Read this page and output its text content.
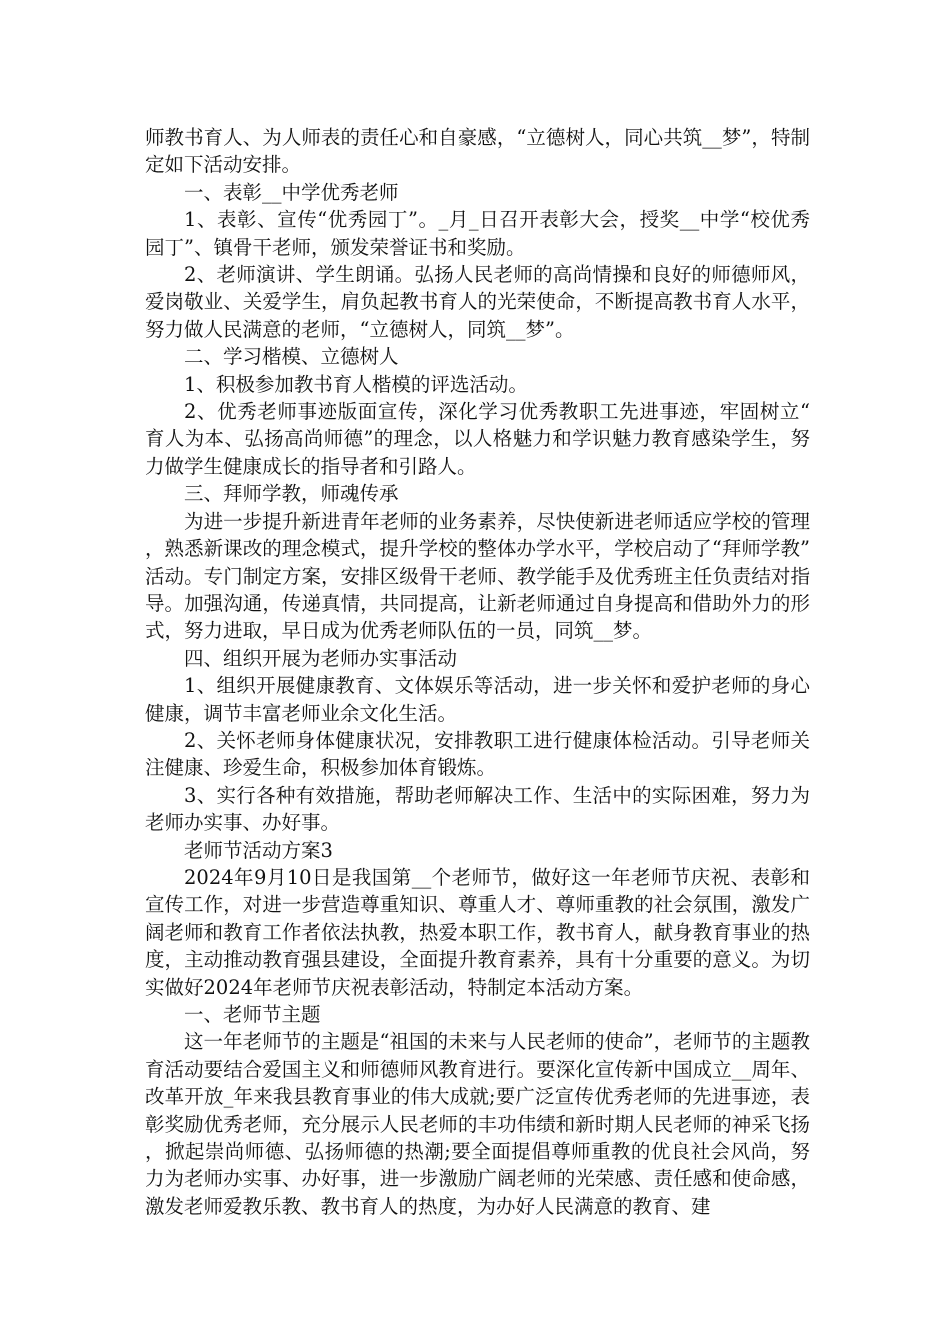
师教书育人、为人师表的责任心和自豪感，“立德树人，同心共筑__梦”，特制定如下活动安排。

一、表彰__中学优秀老师

1、表彰、宣传“优秀园丁”。_月_日召开表彰大会，授奖__中学“校优秀园丁”、镇骨干老师，颁发荣誉证书和奖励。

2、老师演讲、学生朗诵。弘扬人民老师的高尚情操和良好的师德师风，爱岗敬业、关爱学生，肩负起教书育人的光荣使命，不断提高教书育人水平，努力做人民满意的老师，“立德树人，同筑__梦”。

二、学习楷模、立德树人

1、积极参加教书育人楷模的评选活动。

2、优秀老师事迹版面宣传，深化学习优秀教职工先进事迹，牢固树立“育人为本、弘扬高尚师德”的理念，以人格魅力和学识魅力教育感染学生，努力做学生健康成长的指导者和引路人。

三、拜师学教，师魂传承

为进一步提升新进青年老师的业务素养，尽快使新进老师适应学校的管理，熟悉新课改的理念模式，提升学校的整体办学水平，学校启动了“拜师学教”活动。专门制定方案，安排区级骨干老师、教学能手及优秀班主任负责结对指导。加强沟通，传递真情，共同提高，让新老师通过自身提高和借助外力的形式，努力进取，早日成为优秀老师队伍的一员，同筑__梦。

四、组织开展为老师办实事活动

1、组织开展健康教育、文体娱乐等活动，进一步关怀和爱护老师的身心健康，调节丰富老师业余文化生活。

2、关怀老师身体健康状况，安排教职工进行健康体检活动。引导老师关注健康、珍爱生命，积极参加体育锻炼。

3、实行各种有效措施，帮助老师解决工作、生活中的实际困难，努力为老师办实事、办好事。

老师节活动方案3

2024年9月10日是我国第__个老师节，做好这一年老师节庆祝、表彰和宣传工作，对进一步营造尊重知识、尊重人才、尊师重教的社会氛围，激发广阔老师和教育工作者依法执教，热爱本职工作，教书育人，献身教育事业的热度，主动推动教育强县建设，全面提升教育素养，具有十分重要的意义。为切实做好2024年老师节庆祝表彰活动，特制定本活动方案。

一、老师节主题

这一年老师节的主题是“祖国的未来与人民老师的使命”，老师节的主题教育活动要结合爱国主义和师德师风教育进行。要深化宣传新中国成立__周年、改革开放_年来我县教育事业的伟大成就;要广泛宣传优秀老师的先进事迹，表彰奖励优秀老师，充分展示人民老师的丰功伟绩和新时期人民老师的神采飞扬，掀起崇尚师德、弘扬师德的热潮;要全面提倡尊师重教的优良社会风尚，努力为老师办实事、办好事，进一步激励广阔老师的光荣感、责任感和使命感，激发老师爱教乐教、教书育人的热度，为办好人民满意的教育、建
